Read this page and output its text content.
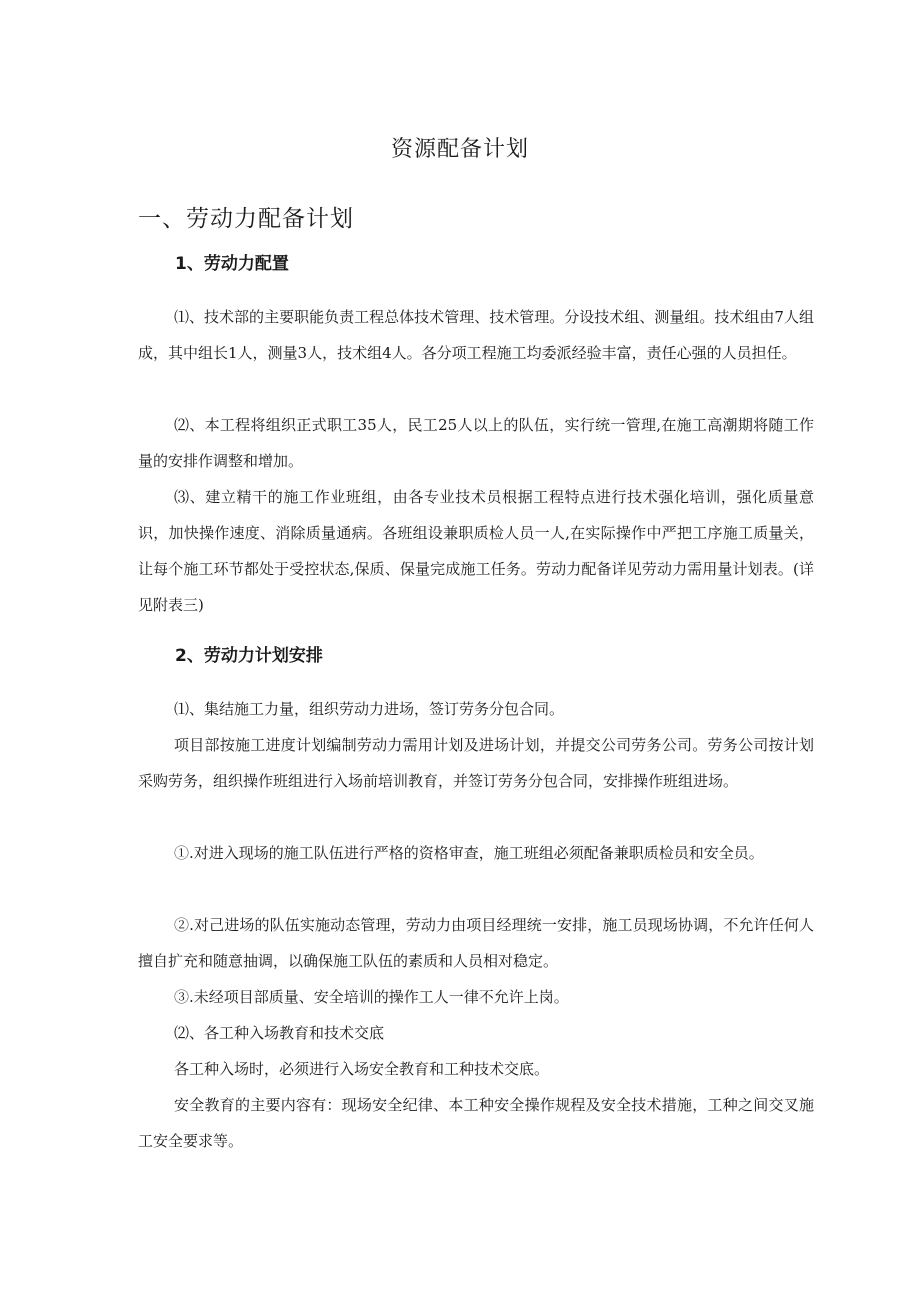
资源配备计划
一、劳动力配备计划
1、劳动力配置

⑴、技术部的主要职能负责工程总体技术管理、技术管理。分设技术组、测量组。技术组由7人组成，其中组长1人，测量3人，技术组4人。各分项工程施工均委派经验丰富，责任心强的人员担任。

⑵、本工程将组织正式职工35人，民工25人以上的队伍，实行统一管理,在施工高潮期将随工作量的安排作调整和增加。

⑶、建立精干的施工作业班组，由各专业技术员根据工程特点进行技术强化培训，强化质量意识，加快操作速度、消除质量通病。各班组设兼职质检人员一人,在实际操作中严把工序施工质量关，让每个施工环节都处于受控状态,保质、保量完成施工任务。劳动力配备详见劳动力需用量计划表。(详见附表三)

2、劳动力计划安排

⑴、集结施工力量，组织劳动力进场，签订劳务分包合同。

项目部按施工进度计划编制劳动力需用计划及进场计划，并提交公司劳务公司。劳务公司按计划采购劳务，组织操作班组进行入场前培训教育，并签订劳务分包合同，安排操作班组进场。

①.对进入现场的施工队伍进行严格的资格审查，施工班组必须配备兼职质检员和安全员。

②.对己进场的队伍实施动态管理，劳动力由项目经理统一安排，施工员现场协调，不允许任何人擅自扩充和随意抽调，以确保施工队伍的素质和人员相对稳定。

③.未经项目部质量、安全培训的操作工人一律不允许上岗。

⑵、各工种入场教育和技术交底

各工种入场时，必须进行入场安全教育和工种技术交底。

安全教育的主要内容有：现场安全纪律、本工种安全操作规程及安全技术措施，工种之间交叉施工安全要求等。
